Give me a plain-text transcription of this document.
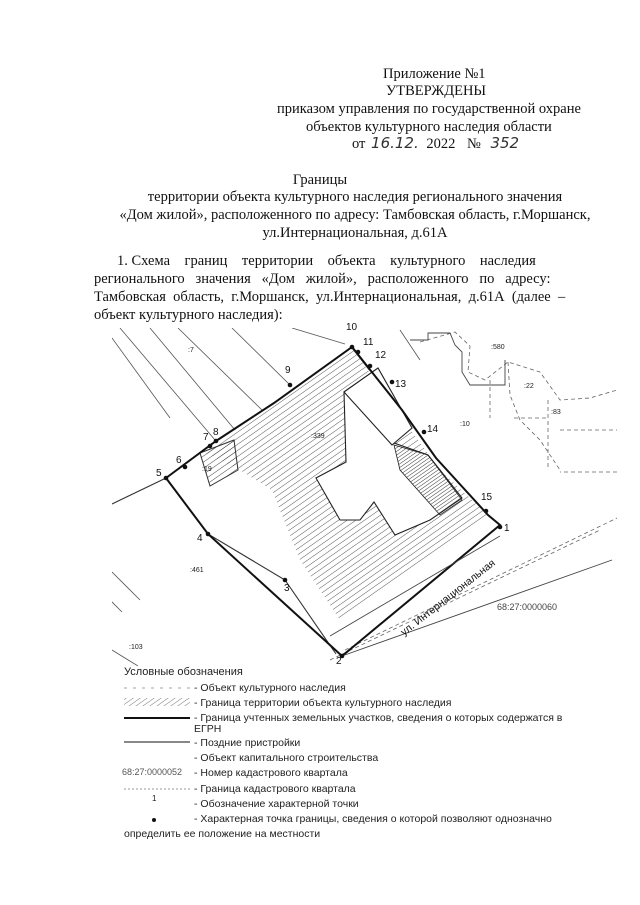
Приложение №1
УТВЕРЖДЕНЫ
приказом управления по государственной охране
объектов культурного наследия области
от 16.12. 2022 № 352
Границы
территории объекта культурного наследия регионального значения
«Дом жилой», расположенного по адресу: Тамбовская область, г.Моршанск,
ул.Интернациональная, д.61А
1. Схема    границ    территории    объекта    культурного    наследия
регионального   значения   «Дом   жилой»,   расположенного   по   адресу:
Тамбовская  область,  г.Моршанск,  ул.Интернациональная,  д.61А  (далее  –
объект культурного наследия):
1
2
3
4
5
6
7 8
9
10
11
12
13
14
15
:7
:339
:580
:22
:83
:10
:19
:461
:103
ул. Интернациональная 68:27:0000060
Условные обозначения
- Объект культурного наследия
- Граница территории объекта культурного наследия
- Граница учтенных земельных участков, сведения о которых содержатся в
ЕГРН
- Поздние пристройки
- Объект капитального строительства
68:27:0000052 - Номер кадастрового квартала
- Граница кадастрового квартала
1	- Обозначение характерной точки
- Характерная точка границы, сведения о которой позволяют однозначно
определить ее положение на местности
